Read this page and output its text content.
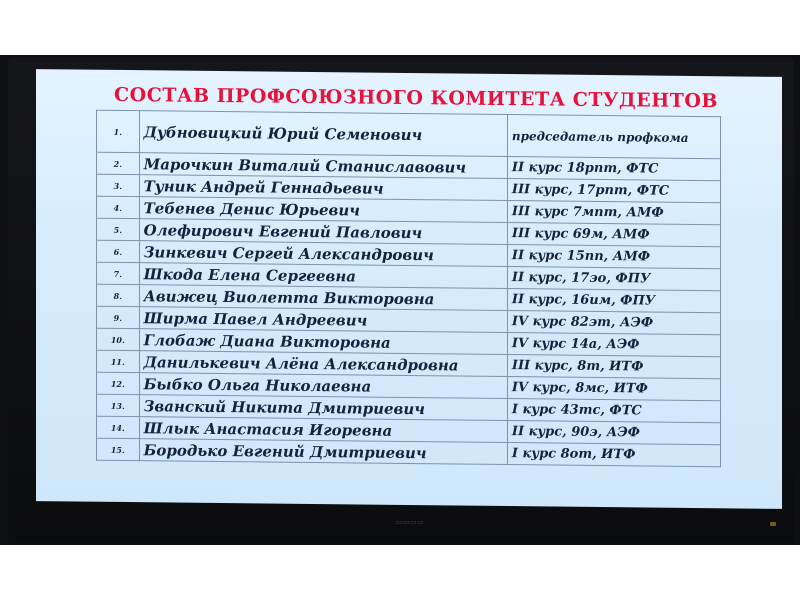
▭▭▭▭
СОСТАВ ПРОФСОЮЗНОГО КОМИТЕТА СТУДЕНТОВ
1.	Дубновицкий Юрий Семенович	председатель профкома
2.	Марочкин Виталий Станиславович	II курс 18рпт, ФТС
3.	Туник Андрей Геннадьевич	III курс, 17рпт, ФТС
4.	Тебенев Денис Юрьевич	III курс 7мпт, АМФ
5.	Олефирович Евгений Павлович	III курс 69м, АМФ
6.	Зинкевич Сергей Александрович	II курс 15пп, АМФ
7.	Шкода Елена Сергеевна	II курс, 17эо, ФПУ
8.	Авижец Виолетта Викторовна	II курс, 16им, ФПУ
9.	Ширма Павел Андреевич	IV курс 82эт, АЭФ
10.	Глобаж Диана Викторовна	IV курс 14а, АЭФ
11.	Данилькевич Алёна Александровна	III курс, 8т, ИТФ
12.	Быбко Ольга Николаевна	IV курс, 8мс, ИТФ
13.	Званский Никита Дмитриевич	I курс 43тс, ФТС
14.	Шлык Анастасия Игоревна	II курс, 90э, АЭФ
15.	Бородько Евгений Дмитриевич	I курс 8от, ИТФ
